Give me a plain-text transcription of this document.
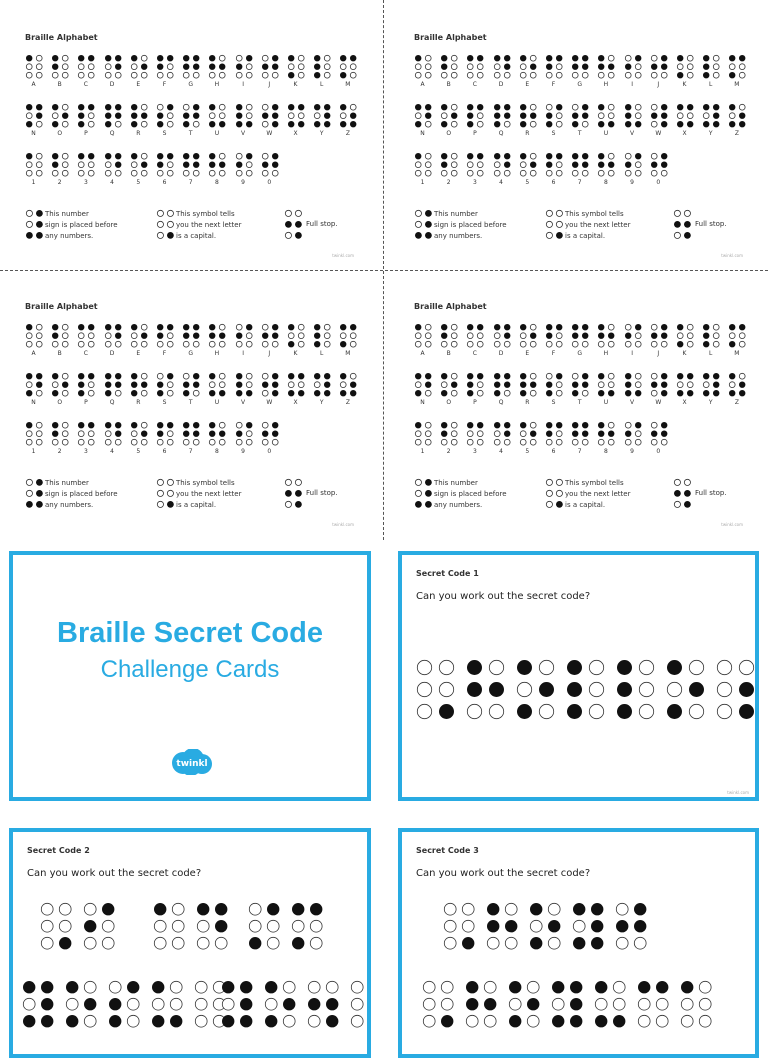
Braille Alphabet
A	B	C	D	E	F	G	H	I	J	K	L	M
N	O	P	Q	R	S	T	U	V	W	X	Y	Z
1	2	3	4	5	6	7	8	9	0
This number
sign is placed before
any numbers.
This symbol tells
you the next letter
is a capital.
Full stop.
twinkl.com
Braille Alphabet
A	B	C	D	E	F	G	H	I	J	K	L	M
N	O	P	Q	R	S	T	U	V	W	X	Y	Z
1	2	3	4	5	6	7	8	9	0
This number
sign is placed before
any numbers.
This symbol tells
you the next letter
is a capital.
Full stop.
twinkl.com
Braille Alphabet
A	B	C	D	E	F	G	H	I	J	K	L	M
N	O	P	Q	R	S	T	U	V	W	X	Y	Z
1	2	3	4	5	6	7	8	9	0
This number
sign is placed before
any numbers.
This symbol tells
you the next letter
is a capital.
Full stop.
twinkl.com
Braille Alphabet
A	B	C	D	E	F	G	H	I	J	K	L	M
N	O	P	Q	R	S	T	U	V	W	X	Y	Z
1	2	3	4	5	6	7	8	9	0
This number
sign is placed before
any numbers.
This symbol tells
you the next letter
is a capital.
Full stop.
twinkl.com
Braille Secret Code
Challenge Cards
twinkl
Secret Code 1
Can you work out the secret code?
twinkl.com
Secret Code 2
Can you work out the secret code?
Secret Code 3
Can you work out the secret code?
